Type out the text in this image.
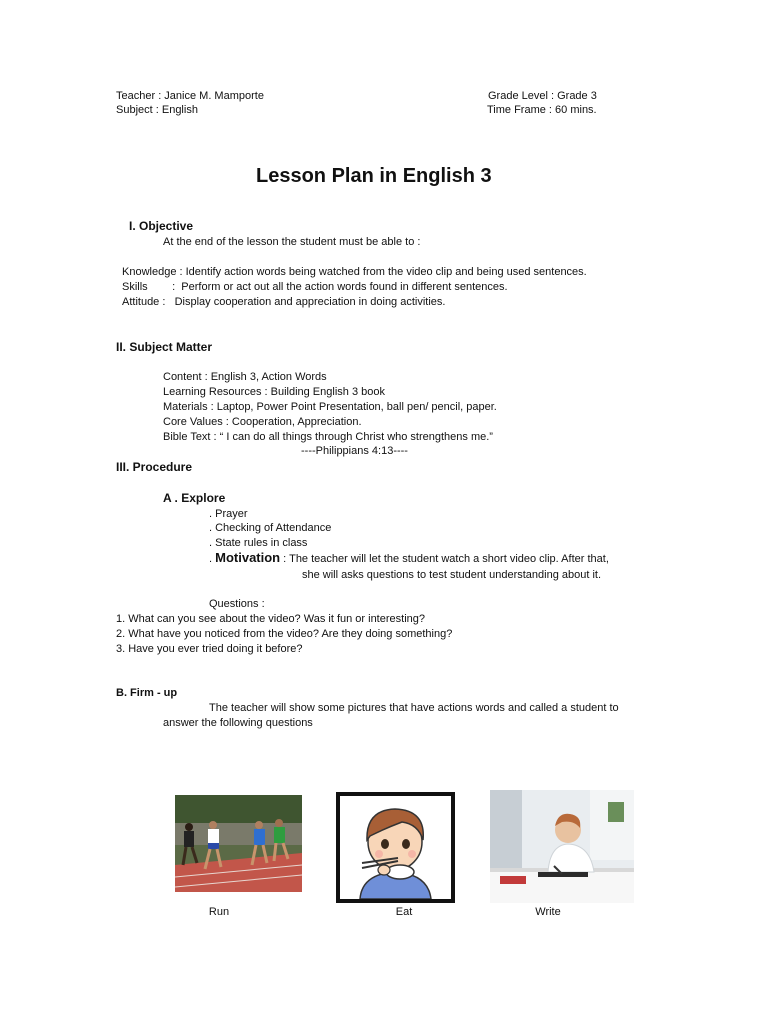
Teacher : Janice M. Mamporte
Subject : English
Grade Level : Grade 3
Time Frame : 60 mins.
Lesson Plan in English 3
I. Objective
At the end of the lesson the student must be able to :
Knowledge : Identify action words being watched from the video clip and being used sentences.
Skills        :  Perform or act out all the action words found in different sentences.
Attitude :   Display cooperation and appreciation in doing activities.
II. Subject Matter
Content : English 3, Action Words
Learning Resources : Building English 3 book
Materials : Laptop, Power Point Presentation, ball pen/ pencil, paper.
Core Values : Cooperation, Appreciation.
Bible Text : “ I can do all things through Christ who strengthens me.”
----Philippians 4:13----
III. Procedure
A . Explore
. Prayer
. Checking of Attendance
. State rules in class
. Motivation : The teacher will let the student watch a short video clip. After that,
she will asks questions to test student understanding about it.
Questions :
1. What can you see about the video? Was it fun or interesting?
2. What have you noticed from the video? Are they doing something?
3. Have you ever tried doing it before?
B. Firm - up
The teacher will show some pictures that have actions words and called a student to
answer the following questions
Run	Eat	Write
